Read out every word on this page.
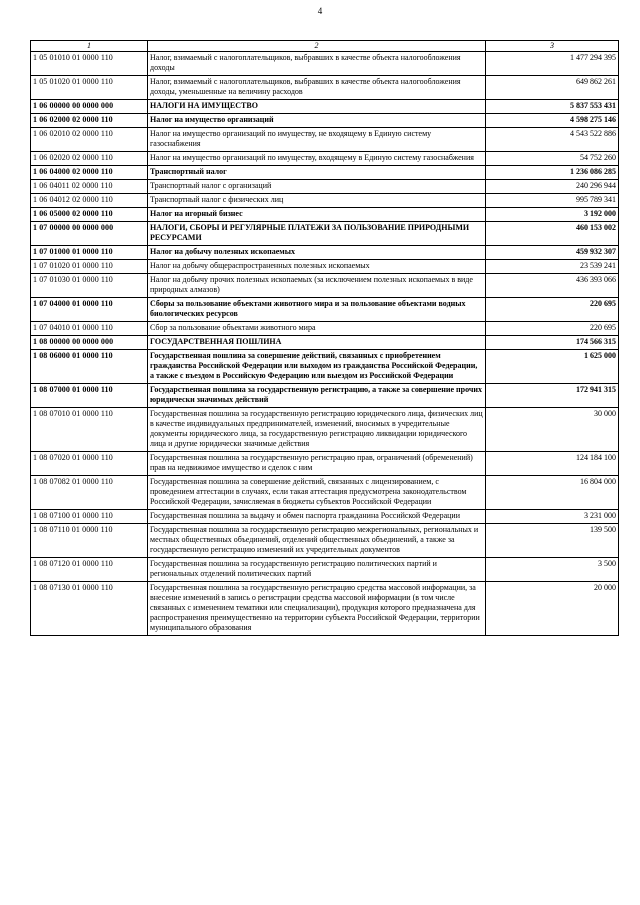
4
1	2	3
1 05 01010 01 0000 110	Налог, взимаемый с налогоплательщиков, выбравших в качестве объекта налогообложения доходы	1 477 294 395
1 05 01020 01 0000 110	Налог, взимаемый с налогоплательщиков, выбравших в качестве объекта налогообложения доходы, уменьшенные на величину расходов	649 862 261
1 06 00000 00 0000 000	НАЛОГИ НА ИМУЩЕСТВО	5 837 553 431
1 06 02000 02 0000 110	Налог на имущество организаций	4 598 275 146
1 06 02010 02 0000 110	Налог на имущество организаций по имуществу, не входящему в Единую систему газоснабжения	4 543 522 886
1 06 02020 02 0000 110	Налог на имущество организаций по имуществу, входящему в Единую систему газоснабжения	54 752 260
1 06 04000 02 0000 110	Транспортный налог	1 236 086 285
1 06 04011 02 0000 110	Транспортный налог с организаций	240 296 944
1 06 04012 02 0000 110	Транспортный налог с физических лиц	995 789 341
1 06 05000 02 0000 110	Налог на игорный бизнес	3 192 000
1 07 00000 00 0000 000	НАЛОГИ, СБОРЫ И РЕГУЛЯРНЫЕ ПЛАТЕЖИ ЗА ПОЛЬЗОВАНИЕ ПРИРОДНЫМИ РЕСУРСАМИ	460 153 002
1 07 01000 01 0000 110	Налог на добычу полезных ископаемых	459 932 307
1 07 01020 01 0000 110	Налог на добычу общераспространенных полезных ископаемых	23 539 241
1 07 01030 01 0000 110	Налог на добычу прочих полезных ископаемых (за исключением полезных ископаемых в виде природных алмазов)	436 393 066
1 07 04000 01 0000 110	Сборы за пользование объектами животного мира и за пользование объектами водных биологических ресурсов	220 695
1 07 04010 01 0000 110	Сбор за пользование объектами животного мира	220 695
1 08 00000 00 0000 000	ГОСУДАРСТВЕННАЯ ПОШЛИНА	174 566 315
1 08 06000 01 0000 110	Государственная пошлина за совершение действий, связанных с приобретением гражданства Российской Федерации или выходом из гражданства Российской Федерации, а также с въездом в Российскую Федерацию или выездом из Российской Федерации	1 625 000
1 08 07000 01 0000 110	Государственная пошлина за государственную регистрацию, а также за совершение прочих юридически значимых действий	172 941 315
1 08 07010 01 0000 110	Государственная пошлина за государственную регистрацию юридического лица, физических лиц в качестве индивидуальных предпринимателей, изменений, вносимых в учредительные документы юридического лица, за государственную регистрацию ликвидации юридического лица и другие юридически значимые действия	30 000
1 08 07020 01 0000 110	Государственная пошлина за государственную регистрацию прав, ограничений (обременений) прав на недвижимое имущество и сделок с ним	124 184 100
1 08 07082 01 0000 110	Государственная пошлина за совершение действий, связанных с лицензированием, с проведением аттестации в случаях, если такая аттестация предусмотрена законодательством Российской Федерации, зачисляемая в бюджеты субъектов Российской Федерации	16 804 000
1 08 07100 01 0000 110	Государственная пошлина за выдачу и обмен паспорта гражданина Российской Федерации	3 231 000
1 08 07110 01 0000 110	Государственная пошлина за государственную регистрацию межрегиональных, региональных и местных общественных объединений, отделений общественных объединений, а также за государственную регистрацию изменений их учредительных документов	139 500
1 08 07120 01 0000 110	Государственная пошлина за государственную регистрацию политических партий и региональных отделений политических партий	3 500
1 08 07130 01 0000 110	Государственная пошлина за государственную регистрацию средства массовой информации, за внесение изменений в запись о регистрации средства массовой информации (в том числе связанных с изменением тематики или специализации), продукция которого предназначена для распространения преимущественно на территории субъекта Российской Федерации, территории муниципального образования	20 000
